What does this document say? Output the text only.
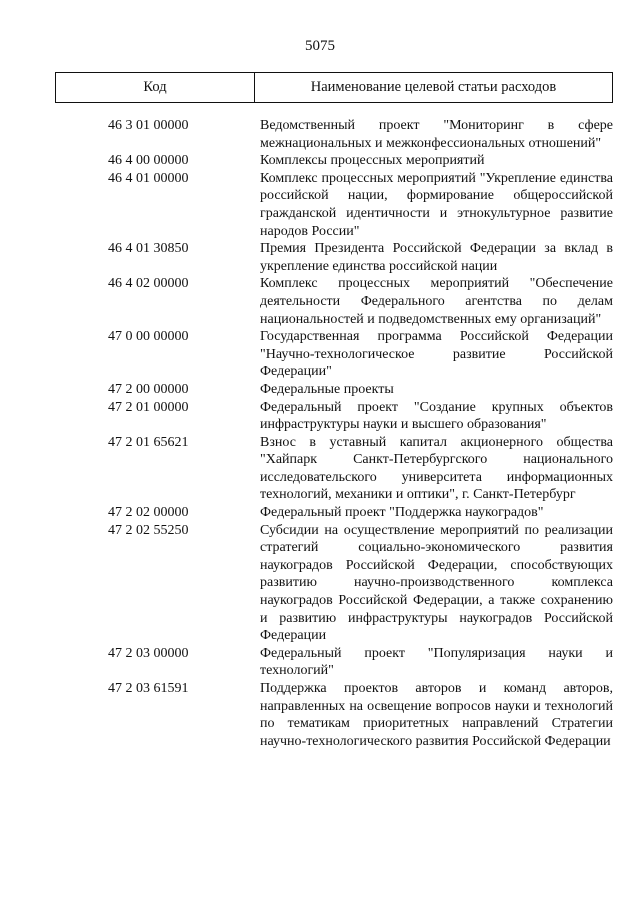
5075
Код	Наименование целевой статьи расходов
46 3 01 00000	Ведомственный проект "Мониторинг в сфере межнациональных и межконфессиональных отношений"
46 4 00 00000	Комплексы процессных мероприятий
46 4 01 00000	Комплекс процессных мероприятий "Укрепление единства российской нации, формирование общероссийской гражданской идентичности и этнокультурное развитие народов России"
46 4 01 30850	Премия Президента Российской Федерации за вклад в укрепление единства российской нации
46 4 02 00000	Комплекс процессных мероприятий "Обеспечение деятельности Федерального агентства по делам национальностей и подведомственных ему организаций"
47 0 00 00000	Государственная программа Российской Федерации "Научно-технологическое развитие Российской Федерации"
47 2 00 00000	Федеральные проекты
47 2 01 00000	Федеральный проект "Создание крупных объектов инфраструктуры науки и высшего образования"
47 2 01 65621	Взнос в уставный капитал акционерного общества "Хайпарк Санкт-Петербургского национального исследовательского университета информационных технологий, механики и оптики", г. Санкт-Петербург
47 2 02 00000	Федеральный проект "Поддержка наукоградов"
47 2 02 55250	Субсидии на осуществление мероприятий по реализации стратегий социально-экономического развития наукоградов Российской Федерации, способствующих развитию научно-производственного комплекса наукоградов Российской Федерации, а также сохранению и развитию инфраструктуры наукоградов Российской Федерации
47 2 03 00000	Федеральный проект "Популяризация науки и технологий"
47 2 03 61591	Поддержка проектов авторов и команд авторов, направленных на освещение вопросов науки и технологий по тематикам приоритетных направлений Стратегии научно-технологического развития Российской Федерации
